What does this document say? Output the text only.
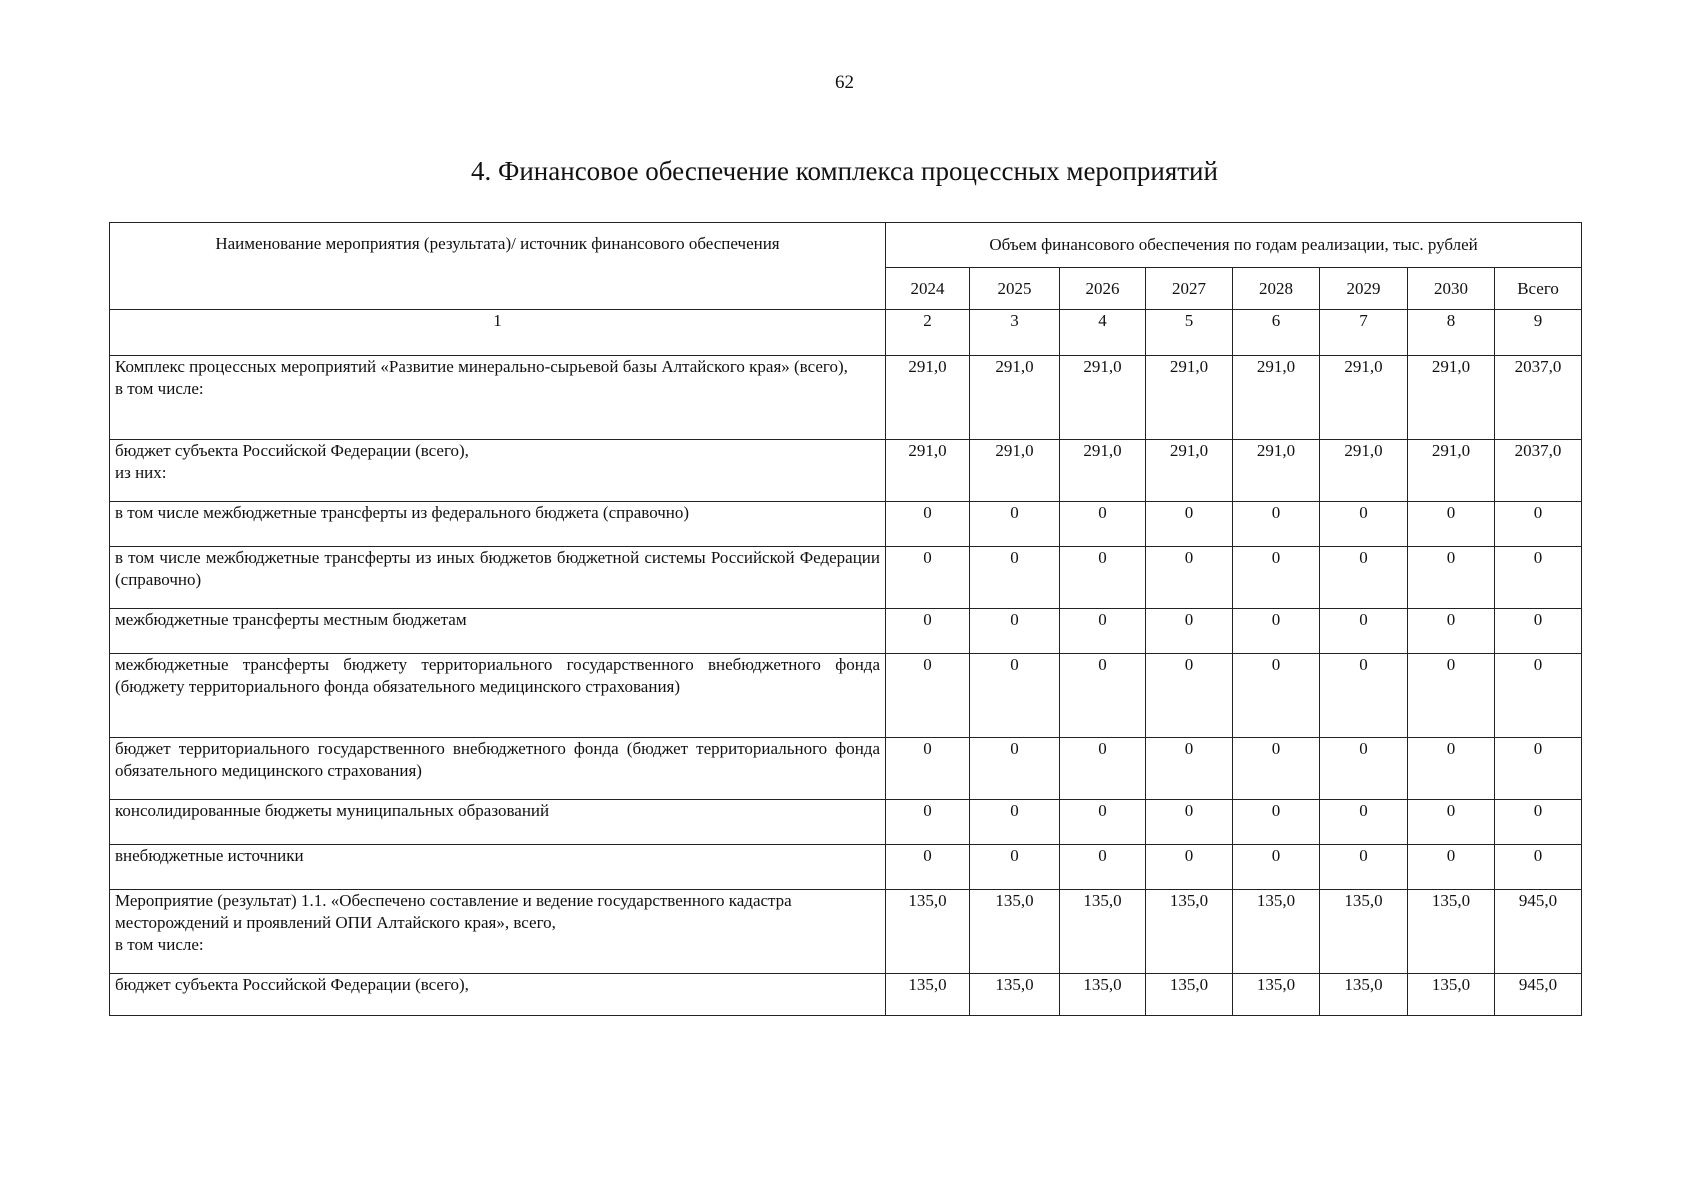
62
4. Финансовое обеспечение комплекса процессных мероприятий
Наименование мероприятия (результата)/ источник финансового обеспечения	Объем финансового обеспечения по годам реализации, тыс. рублей							
	2024	2025	2026	2027	2028	2029	2030	Всего
1	2	3	4	5	6	7	8	9
Комплекс процессных мероприятий «Развитие минерально-сырьевой базы Алтайского края» (всего),
в том числе:	291,0	291,0	291,0	291,0	291,0	291,0	291,0	2037,0
бюджет субъекта Российской Федерации (всего),
из них:	291,0	291,0	291,0	291,0	291,0	291,0	291,0	2037,0
в том числе межбюджетные трансферты из федерального бюджета (справочно)	0	0	0	0	0	0	0	0
в том числе межбюджетные трансферты из иных бюджетов бюджетной системы Российской Федерации (справочно)	0	0	0	0	0	0	0	0
межбюджетные трансферты местным бюджетам	0	0	0	0	0	0	0	0
межбюджетные трансферты бюджету территориального государственного внебюджетного фонда (бюджету территориального фонда обязательного медицинского страхования)	0	0	0	0	0	0	0	0
бюджет территориального государственного внебюджетного фонда (бюджет территориального фонда обязательного медицинского страхования)	0	0	0	0	0	0	0	0
консолидированные бюджеты муниципальных образований	0	0	0	0	0	0	0	0
внебюджетные источники	0	0	0	0	0	0	0	0
Мероприятие (результат) 1.1. «Обеспечено составление и ведение государственного кадастра месторождений и проявлений ОПИ Алтайского края», всего,
в том числе:	135,0	135,0	135,0	135,0	135,0	135,0	135,0	945,0
бюджет субъекта Российской Федерации (всего),	135,0	135,0	135,0	135,0	135,0	135,0	135,0	945,0
